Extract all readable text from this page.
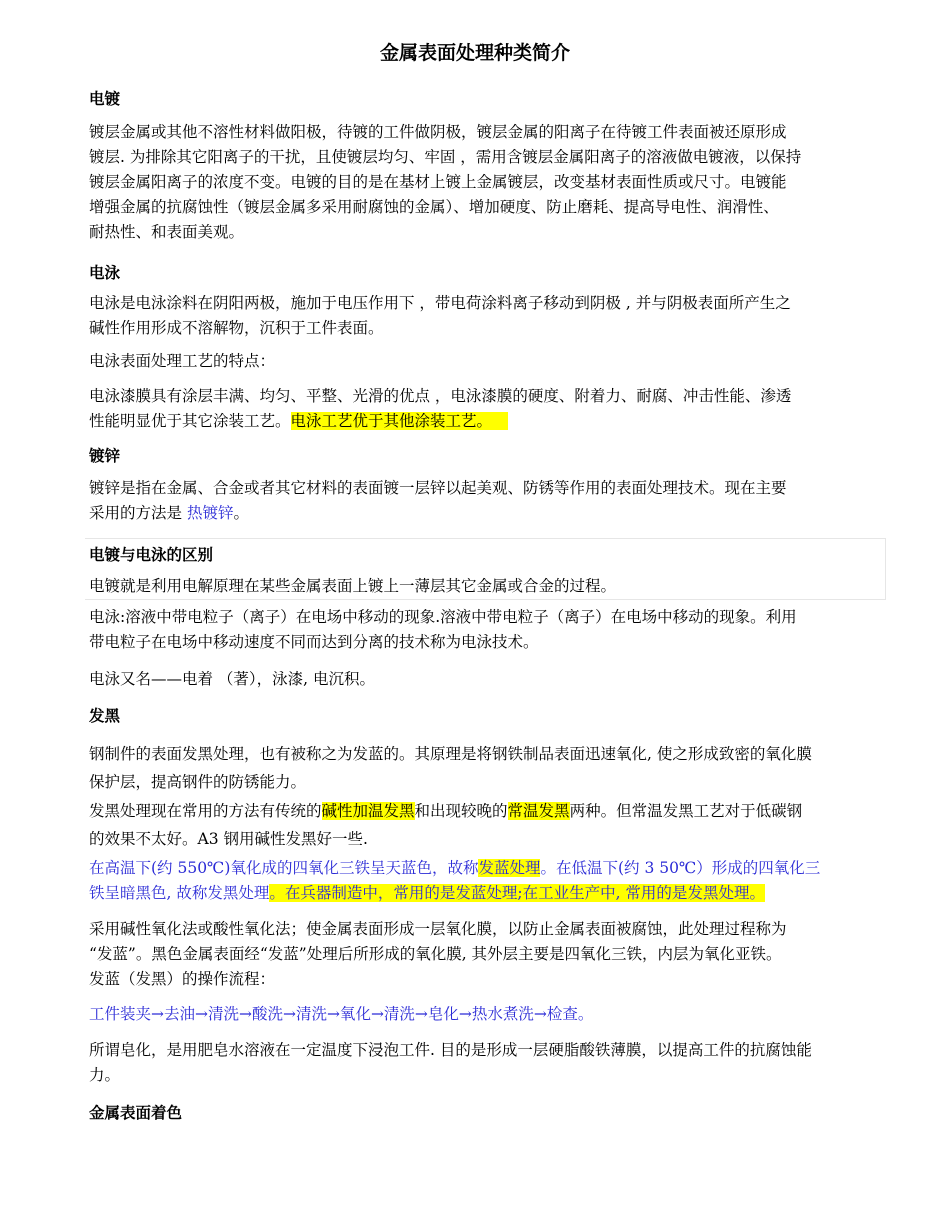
金属表面处理种类简介
电镀
镀层金属或其他不溶性材料做阳极，待镀的工件做阴极，镀层金属的阳离子在待镀工件表面被还原形成
镀层. 为排除其它阳离子的干扰，且使镀层均匀、牢固 ，需用含镀层金属阳离子的溶液做电镀液，以保持
镀层金属阳离子的浓度不变。电镀的目的是在基材上镀上金属镀层，改变基材表面性质或尺寸。电镀能
增强金属的抗腐蚀性（镀层金属多采用耐腐蚀的金属）、增加硬度、防止磨耗、提高导电性、润滑性、
耐热性、和表面美观。
电泳
电泳是电泳涂料在阴阳两极，施加于电压作用下 ，带电荷涂料离子移动到阴极 , 并与阴极表面所产生之
碱性作用形成不溶解物，沉积于工件表面。
电泳表面处理工艺的特点：
电泳漆膜具有涂层丰满、均匀、平整、光滑的优点 ，电泳漆膜的硬度、附着力、耐腐、冲击性能、渗透
性能明显优于其它涂装工艺。电泳工艺优于其他涂装工艺。
镀锌
镀锌是指在金属、合金或者其它材料的表面镀一层锌以起美观、防锈等作用的表面处理技术。现在主要
采用的方法是 热镀锌。
电镀与电泳的区别
电镀就是利用电解原理在某些金属表面上镀上一薄层其它金属或合金的过程。
电泳:溶液中带电粒子（离子）在电场中移动的现象.溶液中带电粒子（离子）在电场中移动的现象。利用
带电粒子在电场中移动速度不同而达到分离的技术称为电泳技术。
电泳又名——电着 （著），泳漆, 电沉积。
发黑
钢制件的表面发黑处理，也有被称之为发蓝的。其原理是将钢铁制品表面迅速氧化, 使之形成致密的氧化膜
保护层，提高钢件的防锈能力。
发黑处理现在常用的方法有传统的碱性加温发黑和出现较晚的常温发黑两种。但常温发黑工艺对于低碳钢
的效果不太好。A3 钢用碱性发黑好一些.
在高温下(约 550℃)氧化成的四氧化三铁呈天蓝色，故称发蓝处理。在低温下(约 3 50℃）形成的四氧化三
铁呈暗黑色, 故称发黑处理。在兵器制造中，常用的是发蓝处理;在工业生产中, 常用的是发黑处理。
采用碱性氧化法或酸性氧化法；使金属表面形成一层氧化膜，以防止金属表面被腐蚀，此处理过程称为
“发蓝”。黑色金属表面经“发蓝”处理后所形成的氧化膜, 其外层主要是四氧化三铁，内层为氧化亚铁。
发蓝（发黑）的操作流程：
工件装夹→去油→清洗→酸洗→清洗→氧化→清洗→皂化→热水煮洗→检查。
所谓皂化，是用肥皂水溶液在一定温度下浸泡工件. 目的是形成一层硬脂酸铁薄膜，以提高工件的抗腐蚀能
力。
金属表面着色
